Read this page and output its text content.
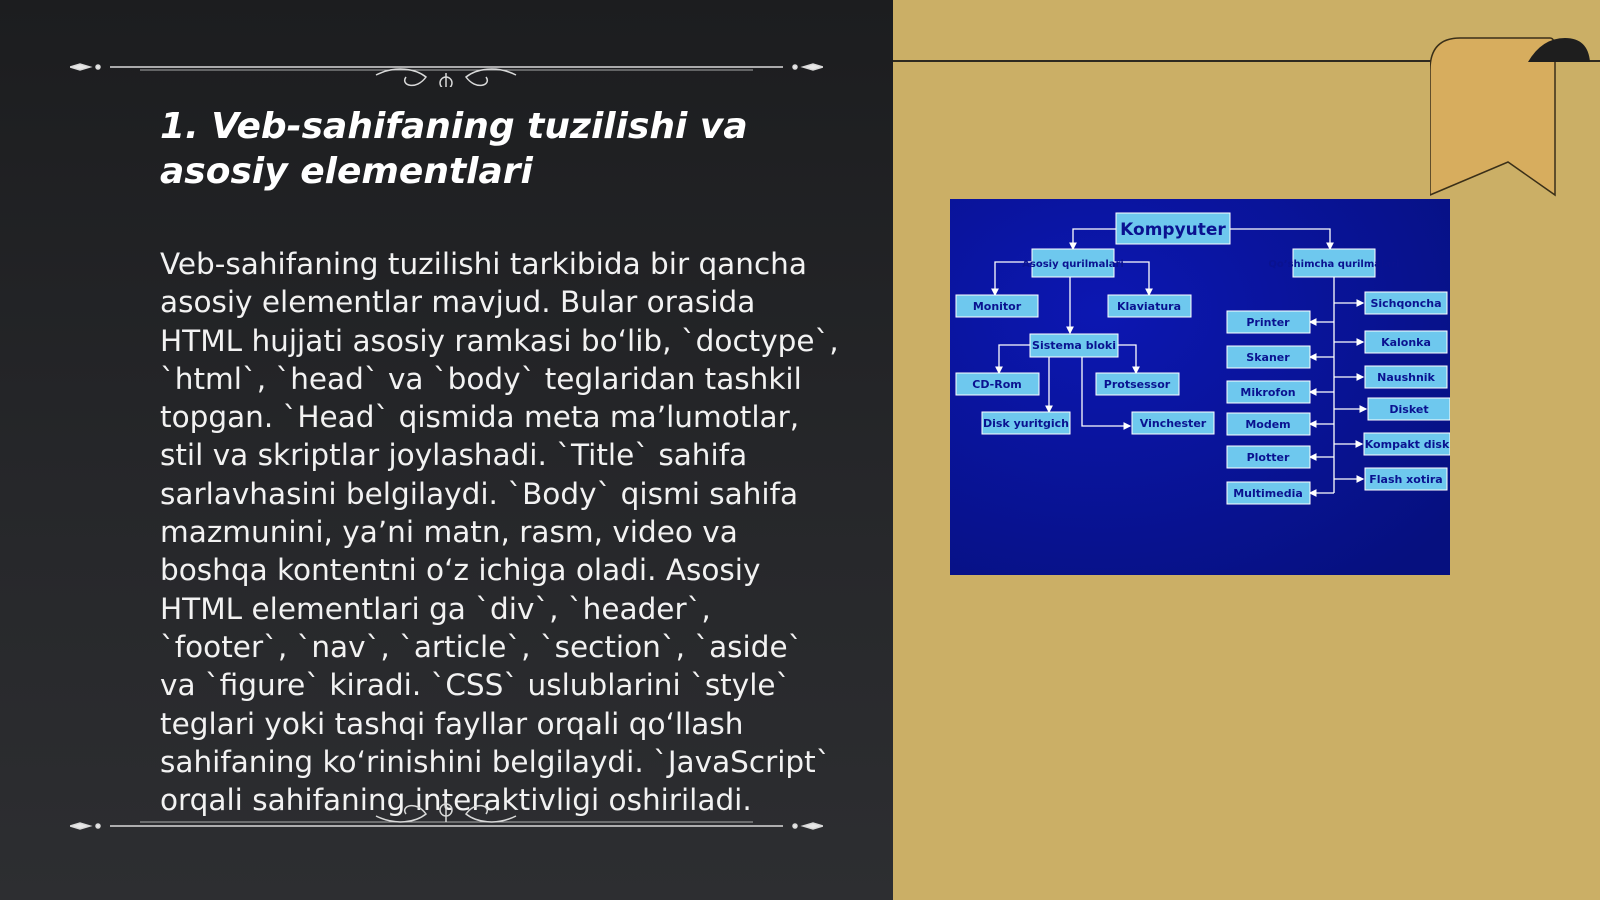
1. Veb-sahifaning tuzilishi va asosiy elementlari

Veb-sahifaning tuzilishi tarkibida bir qancha asosiy elementlar mavjud. Bular orasida HTML hujjati asosiy ramkasi bo‘lib, `doctype`, `html`, `head` va `body` teglaridan tashkil topgan. `Head` qismida meta ma’lumotlar, stil va skriptlar joylashadi. `Title` sahifa sarlavhasini belgilaydi. `Body` qismi sahifa mazmunini, ya’ni matn, rasm, video va boshqa kontentni o‘z ichiga oladi. Asosiy HTML elementlari ga `div`, `header`, `footer`, `nav`, `article`, `section`, `aside` va `figure` kiradi. `CSS` uslublarini `style` teglari yoki tashqi fayllar orqali qo‘llash sahifaning ko‘rinishini belgilaydi. `JavaScript` orqali sahifaning interaktivligi oshiriladi.

Kompyuter
Asosiy qurilmalari	Qo’shimcha qurilmalari
Monitor	Klaviatura
Sistema bloki
CD-Rom	Protsessor
Disk yuritgich	Vinchester
Printer
Skaner
Mikrofon
Modem
Plotter
Multimedia
Sichqoncha
Kalonka
Naushnik
Disket
Kompakt disk
Flash xotira
